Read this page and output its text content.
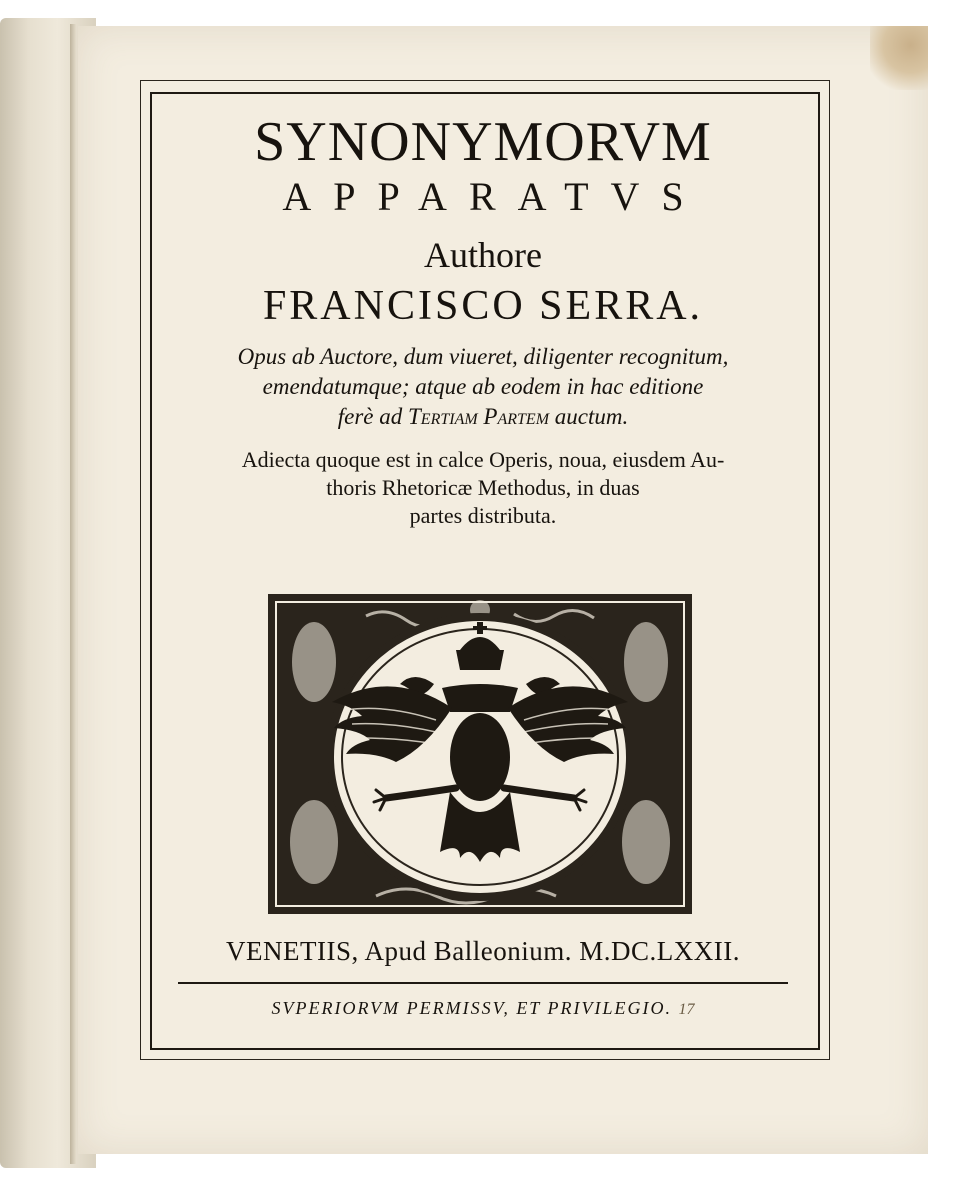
SYNONYMORVM
APPARATVS
Authore
FRANCISCO SERRA.
Opus ab Auctore, dum viueret, diligenter recognitum,
emendatumque; atque ab eodem in hac editione
ferè ad Tertiam Partem auctum.
Adiecta quoque est in calce Operis, noua, eiusdem Au-
thoris Rhetoricæ Methodus, in duas
partes distributa.
VENETIIS, Apud Balleonium. M.DC.LXXII.
SVPERIORVM PERMISSV, ET PRIVILEGIO. 17
